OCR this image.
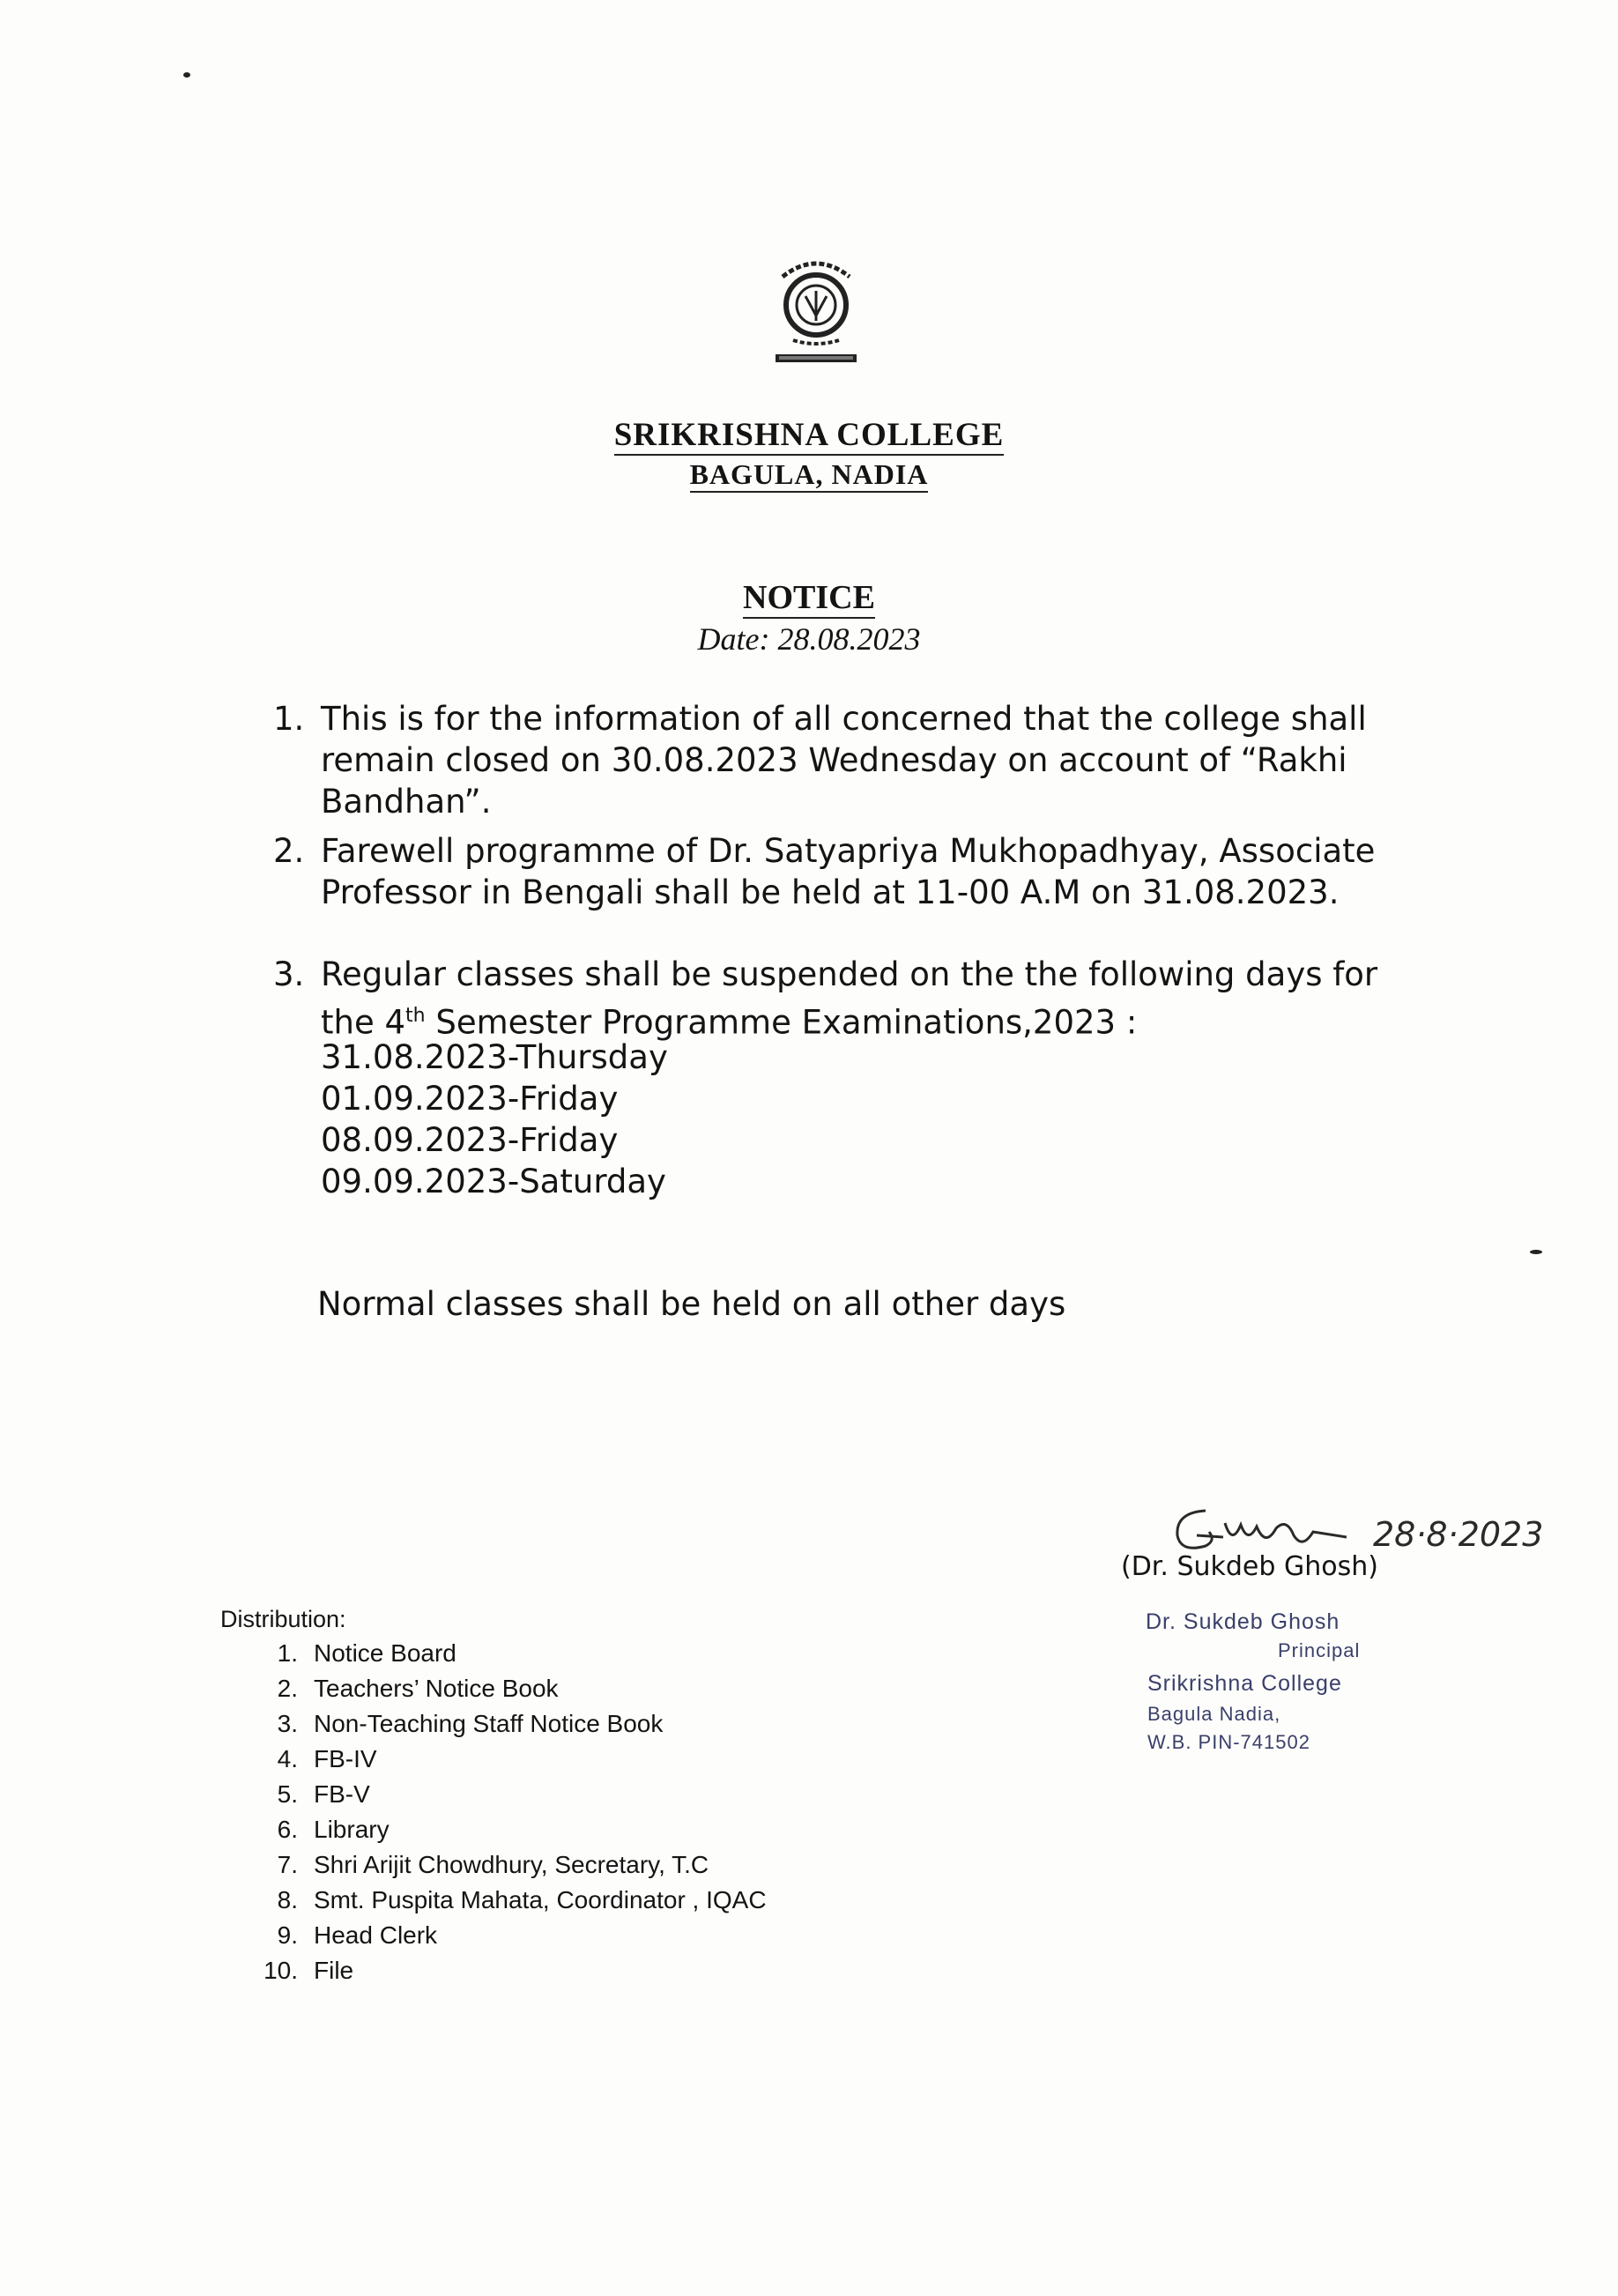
SRIKRISHNA COLLEGE
BAGULA, NADIA
NOTICE
Date: 28.08.2023
1. This is for the information of all concerned that the college shall
remain closed on 30.08.2023 Wednesday on account of “Rakhi
Bandhan”.
2. Farewell programme of Dr. Satyapriya Mukhopadhyay, Associate
Professor in Bengali shall be held at 11-00 A.M on 31.08.2023.
3. Regular classes shall be suspended on the the following days for
the 4th Semester Programme Examinations,2023 :
31.08.2023-Thursday
01.09.2023-Friday
08.09.2023-Friday
09.09.2023-Saturday
Normal classes shall be held on all other days
28·8·2023
(Dr. Sukdeb Ghosh)
Dr. Sukdeb Ghosh
Principal
Srikrishna College
Bagula Nadia,
W.B. PIN-741502
Distribution:
1. Notice Board
2. Teachers’ Notice Book
3. Non-Teaching Staff Notice Book
4. FB-IV
5. FB-V
6. Library
7. Shri Arijit Chowdhury, Secretary, T.C
8. Smt. Puspita Mahata, Coordinator , IQAC
9. Head Clerk
10. File
